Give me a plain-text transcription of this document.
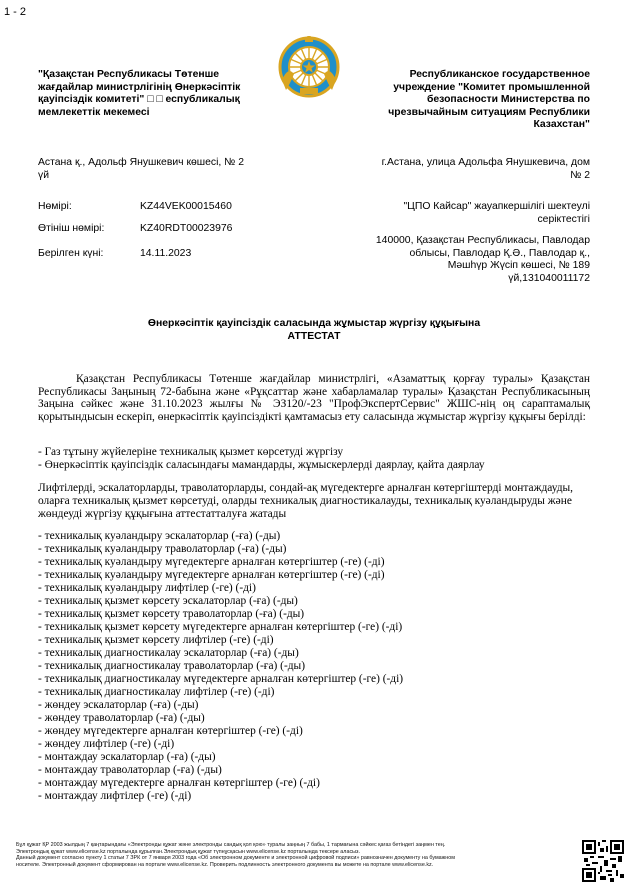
1 - 2
"Қазақстан Республикасы Төтенше
жағдайлар министрлігінің Өнеркәсіптік
қауіпсіздік комитеті" □ □ еспубликалық
мемлекеттік мекемесі
Республиканское государственное
учреждение "Комитет промышленной
безопасности Министерства по
чрезвычайным ситуациям Республики
Казахстан"
Астана қ., Адольф Янушкевич көшесі, № 2
үй
г.Астана, улица Адольфа Янушкевича, дом
№ 2
Нөмірі:	KZ44VEK00015460
Өтініш нөмірі:	KZ40RDT00023976
Берілген күні:	14.11.2023
"ЦПО Кайсар" жауапкершілігі шектеулі
серіктестігі
140000, Қазақстан Республикасы, Павлодар
облысы, Павлодар Қ.Ә., Павлодар қ.,
Мәшһүр Жүсіп көшесі, № 189
үй,131040011172
Өнеркәсіптік қауіпсіздік саласында жұмыстар жүргізу құқығына
АТТЕСТАТ
Қазақстан Республикасы Төтенше жағдайлар министрлігі, «Азаматтық қорғау туралы» Қазақстан Республикасы Заңының 72-бабына және «Рұқсаттар және хабарламалар туралы» Қазақстан Республикасының Заңына сәйкес және 31.10.2023 жылғы № ЭЗ120/-23 "ПрофЭкспертСервис" ЖШС-нің оң сараптамалық қорытындысын ескеріп, өнеркәсіптік қауіпсіздікті қамтамасыз ету саласында жұмыстар жүргізу құқығы берілді:
- Газ тұтыну жүйелеріне техникалық қызмет көрсетуді жүргізу
- Өнеркәсіптік қауіпсіздік саласындағы мамандарды, жұмыскерлерді даярлау, қайта даярлау
Лифтілерді, эскалаторларды, траволаторларды, сондай-ақ мүгедектерге арналған көтергіштерді монтаждауды, оларға техникалық қызмет көрсетуді, оларды техникалық диагностикалауды, техникалық куәландыруды және жөндеуді жүргізу құқығына аттестатталуға жатады
- техникалық куәландыру эскалаторлар (-ға) (-ды)
- техникалық куәландыру траволаторлар (-ға) (-ды)
- техникалық куәландыру мүгедектерге арналған көтергіштер (-ге) (-ді)
- техникалық куәландыру мүгедектерге арналған көтергіштер (-ге) (-ді)
- техникалық куәландыру лифтілер (-ге) (-ді)
- техникалық қызмет көрсету эскалаторлар (-ға) (-ды)
- техникалық қызмет көрсету траволаторлар (-ға) (-ды)
- техникалық қызмет көрсету мүгедектерге арналған көтергіштер (-ге) (-ді)
- техникалық қызмет көрсету лифтілер (-ге) (-ді)
- техникалық диагностикалау эскалаторлар (-ға) (-ды)
- техникалық диагностикалау траволаторлар (-ға) (-ды)
- техникалық диагностикалау мүгедектерге арналған көтергіштер (-ге) (-ді)
- техникалық диагностикалау лифтілер (-ге) (-ді)
- жөндеу эскалаторлар (-ға) (-ды)
- жөндеу траволаторлар (-ға) (-ды)
- жөндеу мүгедектерге арналған көтергіштер (-ге) (-ді)
- жөндеу лифтілер (-ге) (-ді)
- монтаждау эскалаторлар (-ға) (-ды)
- монтаждау траволаторлар (-ға) (-ды)
- монтаждау мүгедектерге арналған көтергіштер (-ге) (-ді)
- монтаждау лифтілер (-ге) (-ді)
Бұл құжат ҚР 2003 жылдың 7 қаңтарындағы «Электронды құжат және электронды сандық қол қою» туралы заңның 7 бабы, 1 тармағына сәйкес қағаз бетіндегі заңмен тең.
Электрондық құжат www.elicense.kz порталында құрылған.Электрондық құжат түпнұсқасын www.elicense.kz порталында тексере аласыз.
Данный документ согласно пункту 1 статьи 7 ЗРК от 7 января 2003 года «Об электронном документе и электронной цифровой подписи» равнозначен документу на бумажном
носителе. Электронный документ сформирован на портале www.elicense.kz. Проверить подлинность электронного документа вы можете на портале www.elicense.kz.
